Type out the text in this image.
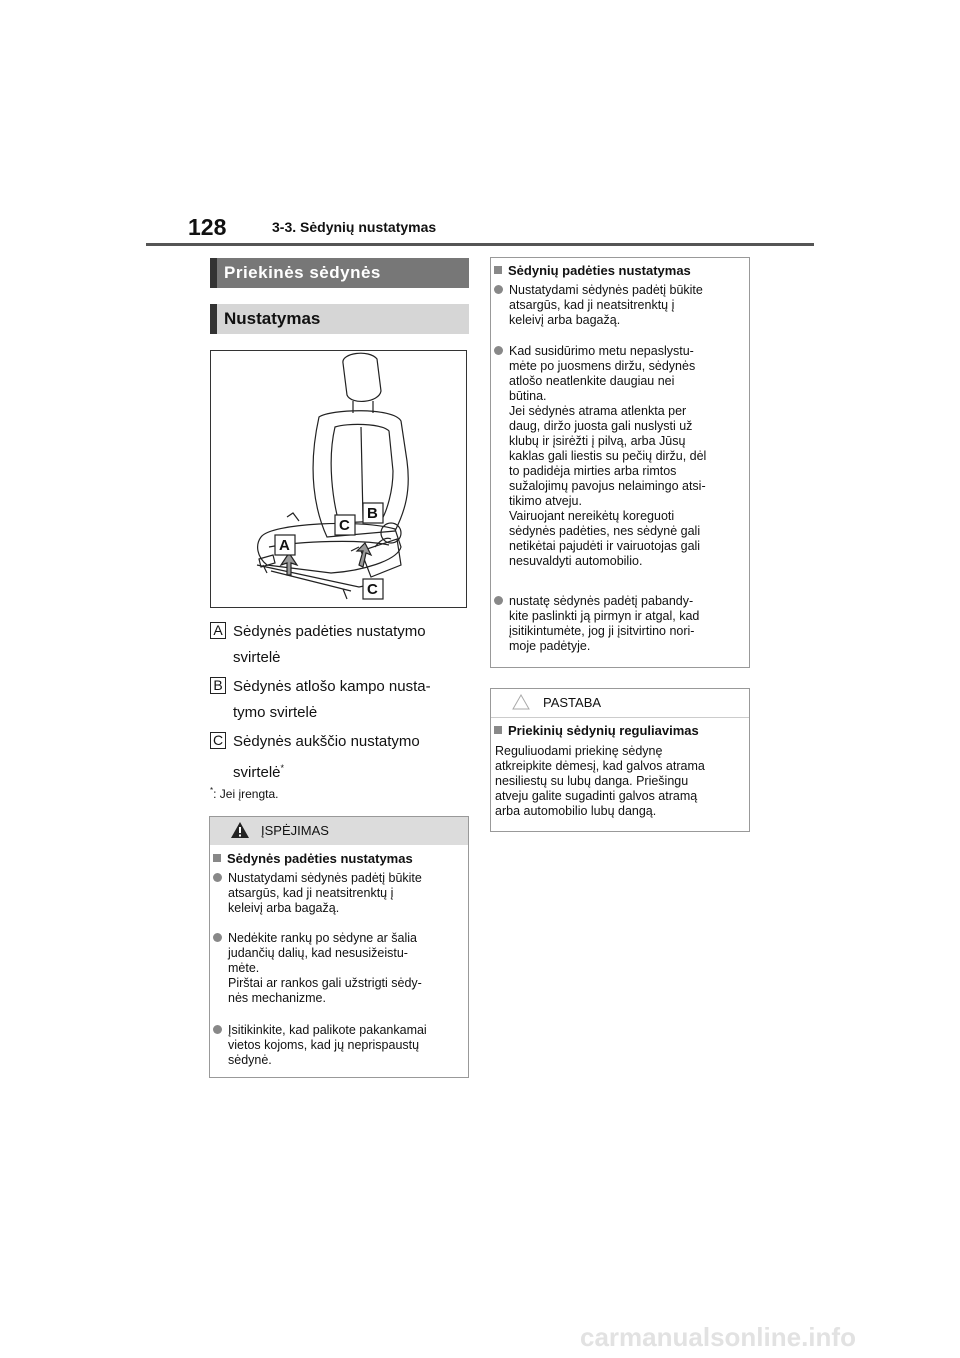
128	3-3. Sėdynių nustatymas
Priekinės sėdynės
Nustatymas
A
B
C
C
A Sėdynės padėties nustatymo
svirtelė
B Sėdynės atlošo kampo nusta-
tymo svirtelė
C Sėdynės aukščio nustatymo
svirtelė*
*: Jei įrengta.
ĮSPĖJIMAS
Sėdynės padėties nustatymas
Nustatydami sėdynės padėtį būkite
atsargūs, kad ji neatsitrenktų į
keleivį arba bagažą.
Nedėkite rankų po sėdyne ar šalia
judančių dalių, kad nesusižeistu-
mėte.
Pirštai ar rankos gali užstrigti sėdy-
nės mechanizme.
Įsitikinkite, kad palikote pakankamai
vietos kojoms, kad jų neprispaustų
sėdynė.
Sėdynių padėties nustatymas
Nustatydami sėdynės padėtį būkite
atsargūs, kad ji neatsitrenktų į
keleivį arba bagažą.
Kad susidūrimo metu nepaslystu-
mėte po juosmens diržu, sėdynės
atlošo neatlenkite daugiau nei
būtina.
Jei sėdynės atrama atlenkta per
daug, diržo juosta gali nuslysti už
klubų ir įsirėžti į pilvą, arba Jūsų
kaklas gali liestis su pečių diržu, dėl
to padidėja mirties arba rimtos
sužalojimų pavojus nelaimingo atsi-
tikimo atveju.
Vairuojant nereikėtų koreguoti
sėdynės padėties, nes sėdynė gali
netikėtai pajudėti ir vairuotojas gali
nesuvaldyti automobilio.
nustatę sėdynės padėtį pabandy-
kite paslinkti ją pirmyn ir atgal, kad
įsitikintumėte, jog ji įsitvirtino nori-
moje padėtyje.
PASTABA
Priekinių sėdynių reguliavimas
Reguliuodami priekinę sėdynę
atkreipkite dėmesį, kad galvos atrama
nesiliestų su lubų danga. Priešingu
atveju galite sugadinti galvos atramą
arba automobilio lubų dangą.
carmanualsonline.info
